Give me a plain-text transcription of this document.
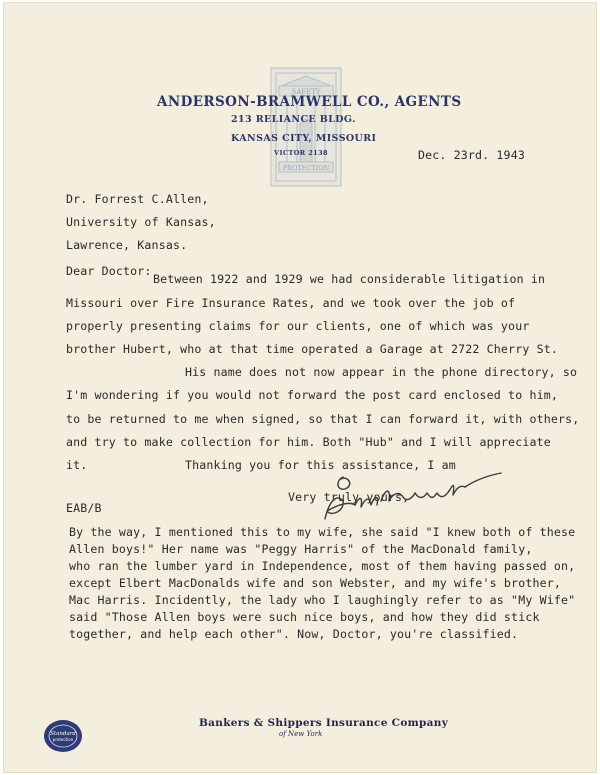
SAFETY
PROTECTION
ANDERSON-BRAMWELL CO., AGENTS
213 RELIANCE BLDG.
KANSAS CITY, MISSOURI
VICTOR 2138	Dec. 23rd. 1943
Dr. Forrest C.Allen,
University of Kansas,
Lawrence, Kansas.
Dear Doctor:
Between 1922 and 1929 we had considerable litigation in
Missouri over Fire Insurance Rates, and we took over the job of
properly presenting claims for our clients, one of which was your
brother Hubert, who at that time operated a Garage at 2722 Cherry St.
His name does not now appear in the phone directory, so
I'm wondering if you would not forward the post card enclosed to him,
to be returned to me when signed, so that I can forward it, with others,
and try to make collection for him. Both "Hub" and I will appreciate
it.	Thanking you for this assistance, I am
Very truly yours,
EAB/B
By the way, I mentioned this to my wife, she said "I knew both of these
Allen boys!" Her name was "Peggy Harris" of the MacDonald family,
who ran the lumber yard in Independence, most of them having passed on,
except Elbert MacDonalds wife and son Webster, and my wife's brother,
Mac Harris. Incidently, the lady who I laughingly refer to as "My Wife"
said "Those Allen boys were such nice boys, and how they did stick
together, and help each other". Now, Doctor, you're classified.
Standard
protection
Bankers & Shippers Insurance Company
of New York
